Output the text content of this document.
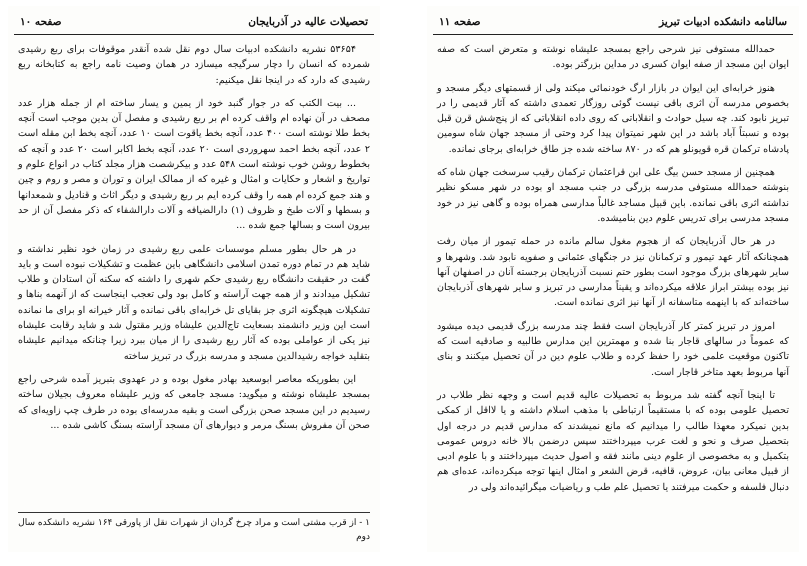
تحصیلات عالیه در آذربایجان
صفحه ۱۰

۵۳۶۵۴ نشریه دانشکده ادبیات سال دوم نقل شده آنقدر موقوفات برای ربع رشیدی شمرده که انسان را دچار سرگیجه میسازد در همان وصیت نامه راجع به کتابخانه ربع رشیدی که دارد که در اینجا نقل میکنیم:

... بیت الکتب که در جوار گنبد خود از یمین و یسار ساخته ام از جمله هزار عدد مصحف در آن نهاده ام واقف کرده ام بر ربع رشیدی و مفصل آن بدین موجب است آنچه بخط طلا نوشته است ۴۰۰ عدد، آنچه بخط یاقوت است ۱۰ عدد، آنچه بخط ابن مقله است ۲ عدد، آنچه بخط احمد سهروردی است ۲۰ عدد، آنچه بخط اکابر است ۲۰ عدد و آنچه که بخطوط روشن خوب نوشته است ۵۴۸ عدد و بیکرشصت هزار مجلد کتاب در انواع علوم و تواریخ و اشعار و حکایات و امثال و غیره که از ممالک ایران و توران و مصر و روم و چین و هند جمع کرده ام همه را وقف کرده ایم بر ربع رشیدی و دیگر اثاث و قنادیل و شمعدانها و بسطها و آلات طبخ و ظروف (۱) دارالضیافه و آلات دارالشفاء که ذکر مفصل آن از حد بیرون است و بسالها جمع شده ...

در هر حال بطور مسلم موسسات علمی ربع رشیدی در زمان خود نظیر نداشته و شاید هم در تمام دوره تمدن اسلامی دانشگاهی باین عظمت و تشکیلات نبوده است و باید گفت در حقیقت دانشگاه ربع رشیدی حکم شهری را داشته که سکنه آن استادان و طلاب تشکیل میدادند و از همه جهت آراسته و کامل بود ولی تعجب اینجاست که از آنهمه بناها و تشکیلات هیچگونه اثری جز بقایای تل خرابه‌ای باقی نمانده و آثار خیرانه او برای ما نمانده است این وزیر دانشمند بسعایت تاج‌الدین علیشاه وزیر مقتول شد و شاید رقابت علیشاه نیز یکی از عواملی بوده که آثار ربع رشیدی را از میان ببرد زیرا چنانکه میدانیم علیشاه بتقلید خواجه رشیدالدین مسجد و مدرسه بزرگ در تبریز ساخته

این بطوریکه معاصر ابوسعید بهادر مغول بوده و در عهدوی بتبریز آمده شرحی راجع بمسجد علیشاه نوشته و میگوید: مسجد جامعی که وزیر علیشاه معروف بجیلان ساخته رسیدیم در این مسجد صحن بزرگی است و بقیه مدرسه‌ای بوده در طرف چپ زاویه‌ای که صحن آن مفروش بسنگ مرمر و دیوارهای آن مسجد آراسته بسنگ کاشی شده ...

۱ - از قرب مشتی است و مراد چرخ گردان از شهرات نقل از پاورقی ۱۶۴ نشریه دانشکده سال دوم
سالنامه دانشکده ادبیات تبریز
صفحه ۱۱

حمدالله مستوفی نیز شرحی راجع بمسجد علیشاه نوشته و متعرض است که صفه ایوان این مسجد از صفه ایوان کسری در مداین بزرگتر بوده.

هنوز خرابه‌ای این ایوان در بازار ارگ خودنمائی میکند ولی از قسمتهای دیگر مسجد و بخصوص مدرسه آن اثری باقی نیست گوئی روزگار تعمدی داشته که آثار قدیمی را در تبریز نابود کند. چه سیل حوادث و انقلاباتی که روی داده انقلاباتی که از پنج‌شش قرن قبل بوده و نسبتاً آباد باشد در این شهر نمیتوان پیدا کرد وحتی از مسجد جهان شاه سومین پادشاه ترکمان قره قویونلو هم که در ۸۷۰ ساخته شده جز طاق خرابه‌ای برجای نمانده.

همچنین از مسجد حسن بیگ علی ابن قراعثمان ترکمان رقیب سرسخت جهان شاه که بنوشته حمدالله مستوفی مدرسه بزرگی در جنب مسجد او بوده در شهر مسکو نظیر نداشته اثری باقی نمانده. باین قبیل مساجد غالباً مدارسی همراه بوده و گاهی نیز در خود مسجد مدرسی برای تدریس علوم دین بنامیشده.

در هر حال آذربایجان که از هجوم مغول سالم مانده در حمله تیمور از میان رفت همچنانکه آثار عهد تیمور و ترکمانان نیز در جنگهای عثمانی و صفویه نابود شد. وشهرها و سایر شهرهای بزرگ موجود است بطور حتم نسبت آذربایجان برجسته آنان در اصفهان آنها نیز بوده بیشتر ابراز علاقه میکرده‌اند و یقیناً مدارسی در تبریز و سایر شهرهای آذربایجان ساخته‌اند که با اینهمه متاسفانه از آنها نیز اثری نمانده است.

امروز در تبریز کمتر کار آذربایجان است فقط چند مدرسه بزرگ قدیمی دیده میشود که عموماً در سالهای قاجار بنا شده و مهمترین این مدارس طالبیه و صادقیه است که تاکنون موقعیت علمی خود را حفظ کرده و طلاب علوم دین در آن تحصیل میکنند و بنای آنها مربوط بعهد متاخر قاجار است.

تا اینجا آنچه گفته شد مربوط به تحصیلات عالیه قدیم است و وجهه نظر طلاب در تحصیل علومی بوده که با مستقیماً ارتباطی با مذهب اسلام داشته و یا لااقل از کمکی بدین نمیکرد معهذا طالب را میدانیم که مانع نمیشدند که مدارس قدیم در درجه اول بتحصیل صرف و نحو و لغت عرب میپرداختند سپس درضمن بالا خانه دروس عمومی بتکمیل و به مخصوصی از علوم دینی مانند فقه و اصول حدیث میپرداختند و با علوم ادبی از قبیل معانی بیان، عروض، قافیه، قرض الشعر و امثال اینها توجه میکرده‌اند، عده‌ای هم دنبال فلسفه و حکمت میرفتند یا تحصیل علم طب و ریاضیات میگرائیده‌اند ولی در
